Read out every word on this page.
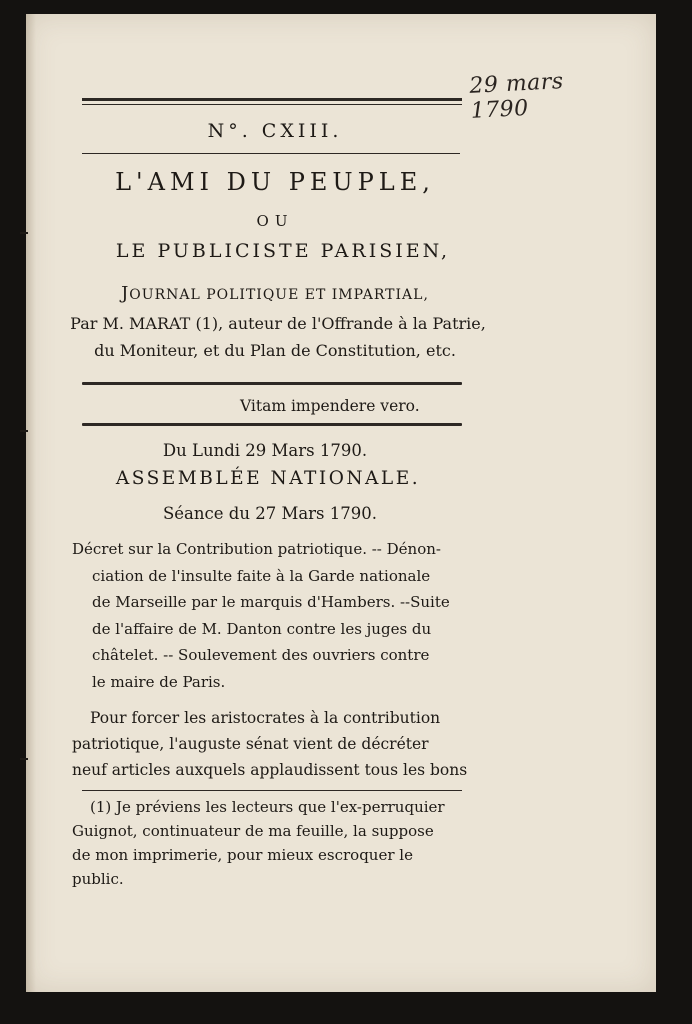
29 mars 1790
N°. CXIII.
L'AMI DU PEUPLE,
OU
LE PUBLICISTE PARISIEN,
JOURNAL POLITIQUE ET IMPARTIAL,
Par M. MARAT (1), auteur de l'Offrande à la Patrie,
du Moniteur, et du Plan de Constitution, etc.
Vitam impendere vero.
Du Lundi 29 Mars 1790.
ASSEMBLÉE NATIONALE.
Séance du 27 Mars 1790.
Décret sur la Contribution patriotique. -- Dénon-
ciation de l'insulte faite à la Garde nationale
de Marseille par le marquis d'Hambers. --Suite
de l'affaire de M. Danton contre les juges du
châtelet. -- Soulevement des ouvriers contre
le maire de Paris.
Pour forcer les aristocrates à la contribution
patriotique, l'auguste sénat vient de décréter
neuf articles auxquels applaudissent tous les bons
(1) Je préviens les lecteurs que l'ex-perruquier
Guignot, continuateur de ma feuille, la suppose
de mon imprimerie, pour mieux escroquer le
public.
